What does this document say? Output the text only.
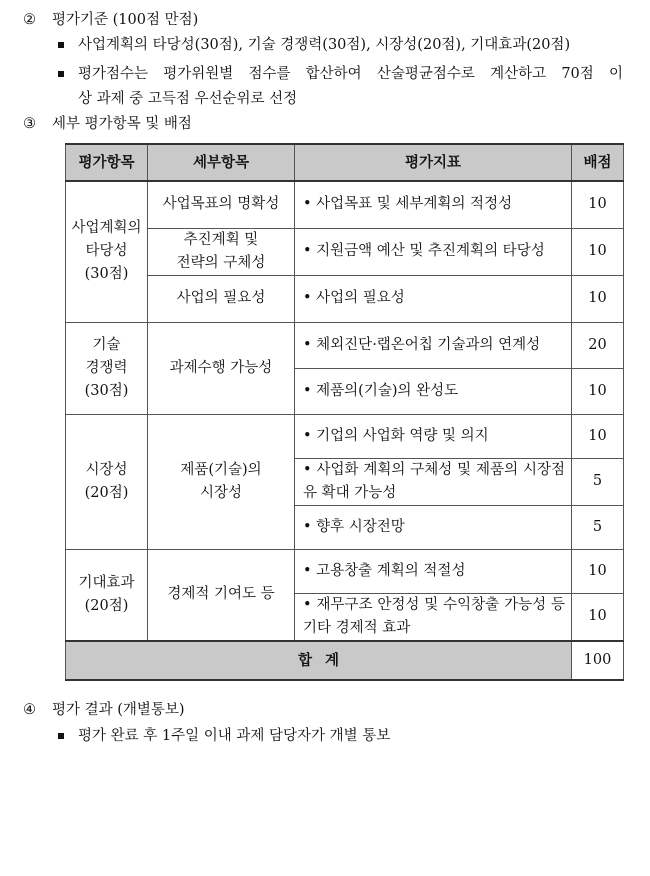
② 평가기준 (100점 만점)
사업계획의 타당성(30점), 기술 경쟁력(30점), 시장성(20점), 기대효과(20점)
평가점수는 평가위원별 점수를 합산하여 산술평균점수로 계산하고 70점 이
상 과제 중 고득점 우선순위로 선정
③ 세부 평가항목 및 배점
평가항목	세부항목	평가지표	배점
사업계획의
타당성
(30점)	사업목표의 명확성	• 사업목표 및 세부계획의 적정성	10
	추진계획 및
전략의 구체성	• 지원금액 예산 및 추진계획의 타당성	10
	사업의 필요성	• 사업의 필요성	10
기술
경쟁력
(30점)	과제수행 가능성	• 체외진단·랩온어칩 기술과의 연계성	20

		• 제품의(기술)의 완성도	10
시장성
(20점)	제품(기술)의
시장성	• 기업의 사업화 역량 및 의지	10

		• 사업화 계획의 구체성 및 제품의 시장점유 확대 가능성	5

		• 향후 시장전망	5
기대효과
(20점)	경제적 기여도 등	• 고용창출 계획의 적절성	10

		• 재무구조 안정성 및 수익창출 가능성 등 기타 경제적 효과	10
합계			100
④ 평가 결과 (개별통보)
평가 완료 후 1주일 이내 과제 담당자가 개별 통보
